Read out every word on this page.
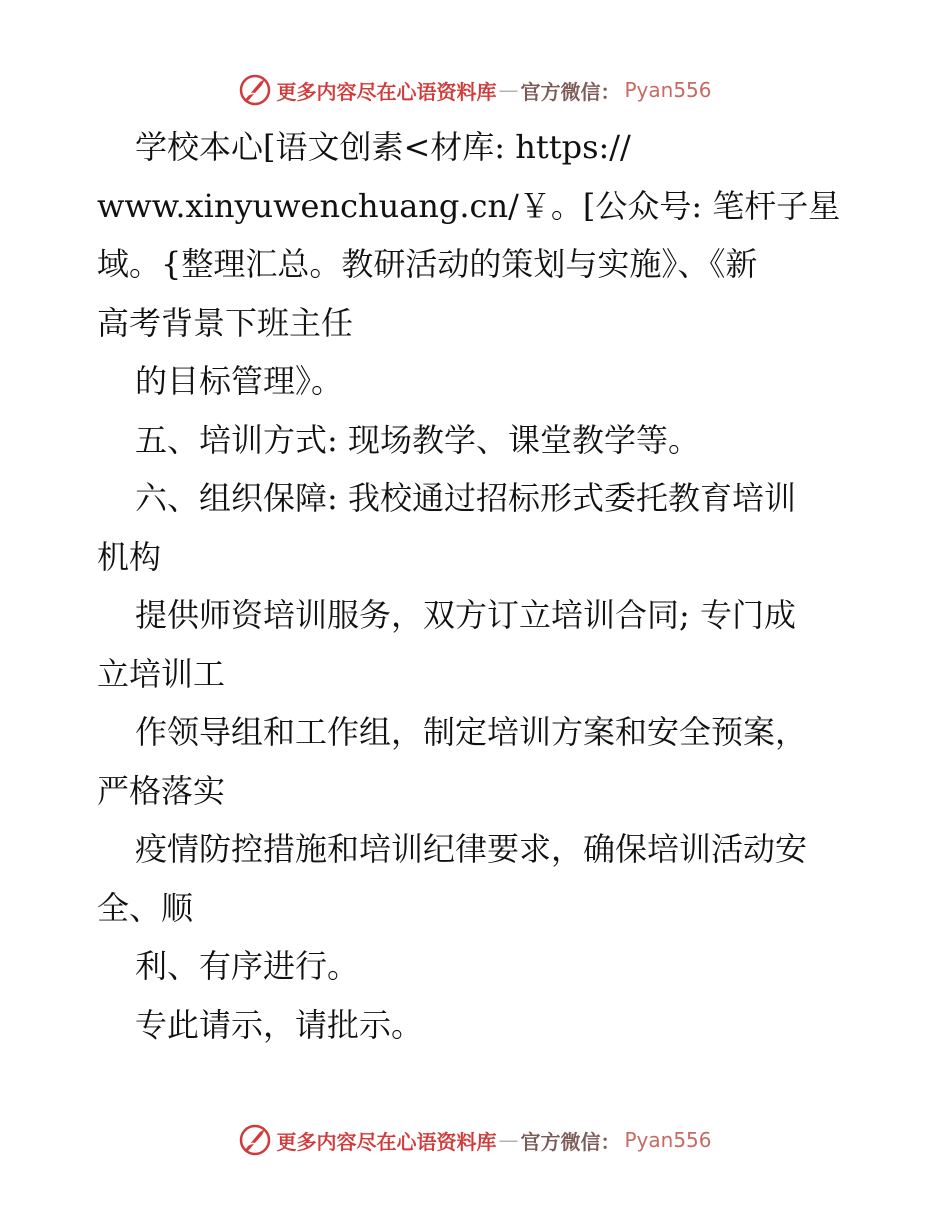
更多内容尽在心语资料库 — 官方微信： Pyan556
学校本心[语文创素<材库: https://
www.xinyuwenchuang.cn/￥。[公众号: 笔杆子星
域。{整理汇总。教研活动的策划与实施》、《新
高考背景下班主任
的目标管理》。
五、培训方式: 现场教学、课堂教学等。
六、组织保障: 我校通过招标形式委托教育培训
机构
提供师资培训服务，双方订立培训合同; 专门成
立培训工
作领导组和工作组，制定培训方案和安全预案，
严格落实
疫情防控措施和培训纪律要求，确保培训活动安
全、顺
利、有序进行。
专此请示，请批示。
更多内容尽在心语资料库 — 官方微信： Pyan556
